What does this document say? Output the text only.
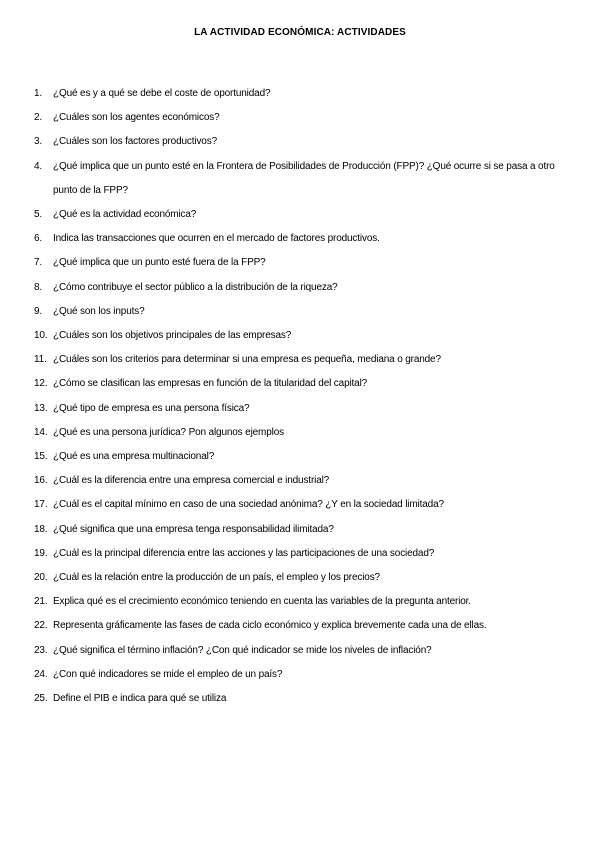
LA ACTIVIDAD ECONÓMICA: ACTIVIDADES
1.	¿Qué es y a qué se debe el coste de oportunidad?
2.	¿Cuáles son los agentes económicos?
3.	¿Cuáles son los factores productivos?
4.	¿Qué implica que un punto esté en la Frontera de Posibilidades de Producción (FPP)? ¿Qué ocurre si se pasa a otro punto de la FPP?
5.	¿Qué es la actividad económica?
6.	Indica las transacciones que ocurren en el mercado de factores productivos.
7.	¿Qué implica que un punto esté fuera de la FPP?
8.	¿Cómo contribuye el sector público a la distribución de la riqueza?
9.	¿Qué son los inputs?
10. ¿Cuáles son los objetivos principales de las empresas?
11. ¿Cuáles son los criterios para determinar si una empresa es pequeña, mediana o grande?
12. ¿Cómo se clasifican las empresas en función de la titularidad del capital?
13. ¿Qué tipo de empresa es una persona física?
14. ¿Qué es una persona jurídica? Pon algunos ejemplos
15. ¿Qué es una empresa multinacional?
16. ¿Cuál es la diferencia entre una empresa comercial e industrial?
17. ¿Cuál es el capital mínimo en caso de una sociedad anónima? ¿Y en la sociedad limitada?
18. ¿Qué significa que una empresa tenga responsabilidad ilimitada?
19. ¿Cuál es la principal diferencia entre las acciones y las participaciones de una sociedad?
20. ¿Cuál es la relación entre la producción de un país, el empleo y los precios?
21. Explica qué es el crecimiento económico teniendo en cuenta las variables de la pregunta anterior.
22. Representa gráficamente las fases de cada ciclo económico y explica brevemente cada una de ellas.
23. ¿Qué significa el término inflación? ¿Con qué indicador se mide los niveles de inflación?
24. ¿Con qué indicadores se mide el empleo de un país?
25. Define el PIB e indica para qué se utiliza
